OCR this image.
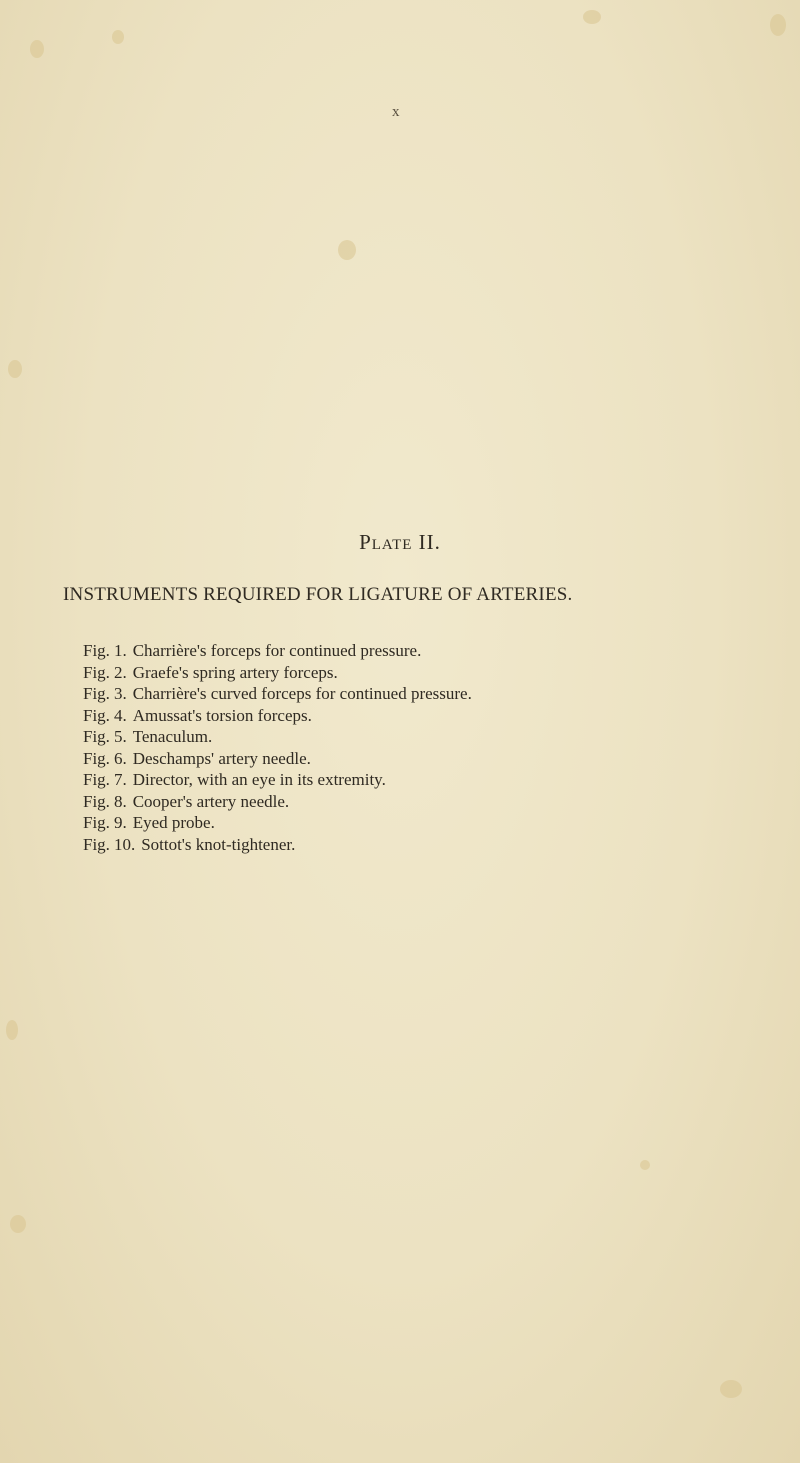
x
Plate II.
INSTRUMENTS REQUIRED FOR LIGATURE OF ARTERIES.
Fig. 1. Charrière's forceps for continued pressure.
Fig. 2. Graefe's spring artery forceps.
Fig. 3. Charrière's curved forceps for continued pressure.
Fig. 4. Amussat's torsion forceps.
Fig. 5. Tenaculum.
Fig. 6. Deschamps' artery needle.
Fig. 7. Director, with an eye in its extremity.
Fig. 8. Cooper's artery needle.
Fig. 9. Eyed probe.
Fig. 10. Sottot's knot-tightener.
